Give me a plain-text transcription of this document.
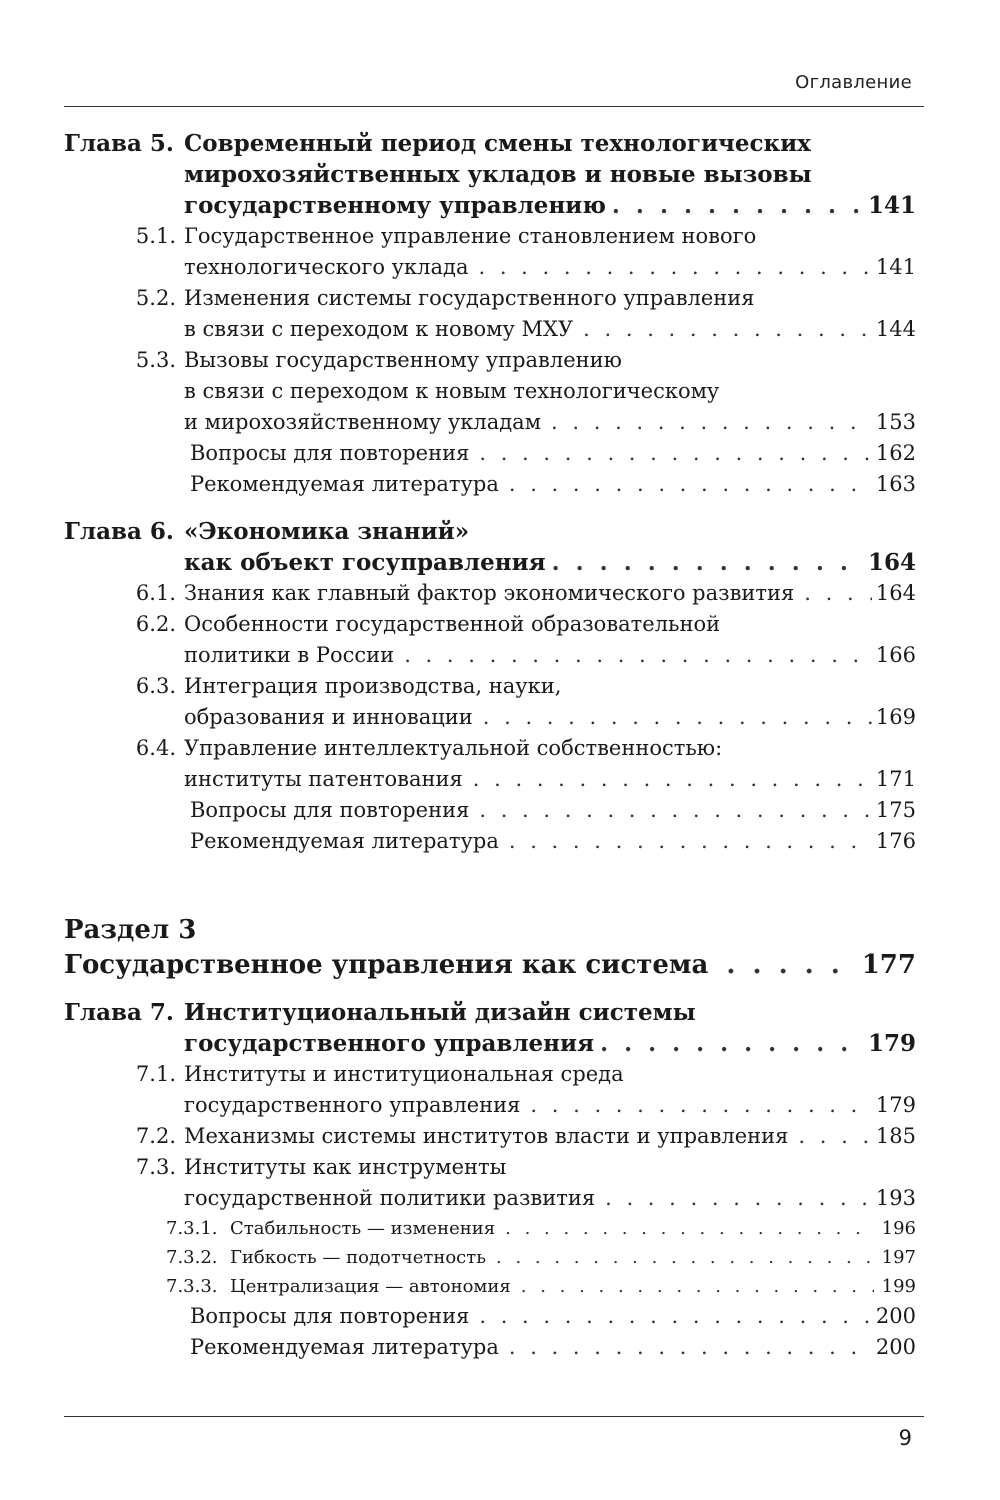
Оглавление
Глава 5. Современный период смены технологических
мирохозяйственных укладов и новые вызовы
государственному управлению . . .	141
5.1. Государственное управление становлением нового
технологического уклада . . .	141
5.2. Изменения системы государственного управления
в связи с переходом к новому МХУ . . .	144
5.3. Вызовы государственному управлению
в связи с переходом к новым технологическому
и мирохозяйственному укладам . . .	153
Вопросы для повторения . . .	162
Рекомендуемая литература . . .	163
Глава 6. «Экономика знаний»
как объект госуправления . . .	164
6.1. Знания как главный фактор экономического развития . . .	164
6.2. Особенности государственной образовательной
политики в России . . .	166
6.3. Интеграция производства, науки,
образования и инновации . . .	169
6.4. Управление интеллектуальной собственностью:
институты патентования . . .	171
Вопросы для повторения . . .	175
Рекомендуемая литература . . .	176
Раздел 3
Государственное управления как система . . .	177
Глава 7. Институциональный дизайн системы
государственного управления . . .	179
7.1. Институты и институциональная среда
государственного управления . . .	179
7.2. Механизмы системы институтов власти и управления . . .	185
7.3. Институты как инструменты
государственной политики развития . . .	193
7.3.1. Стабильность — изменения . . .	196
7.3.2. Гибкость — подотчетность . . .	197
7.3.3. Централизация — автономия . . .	199
Вопросы для повторения . . .	200
Рекомендуемая литература . . .	200
9
